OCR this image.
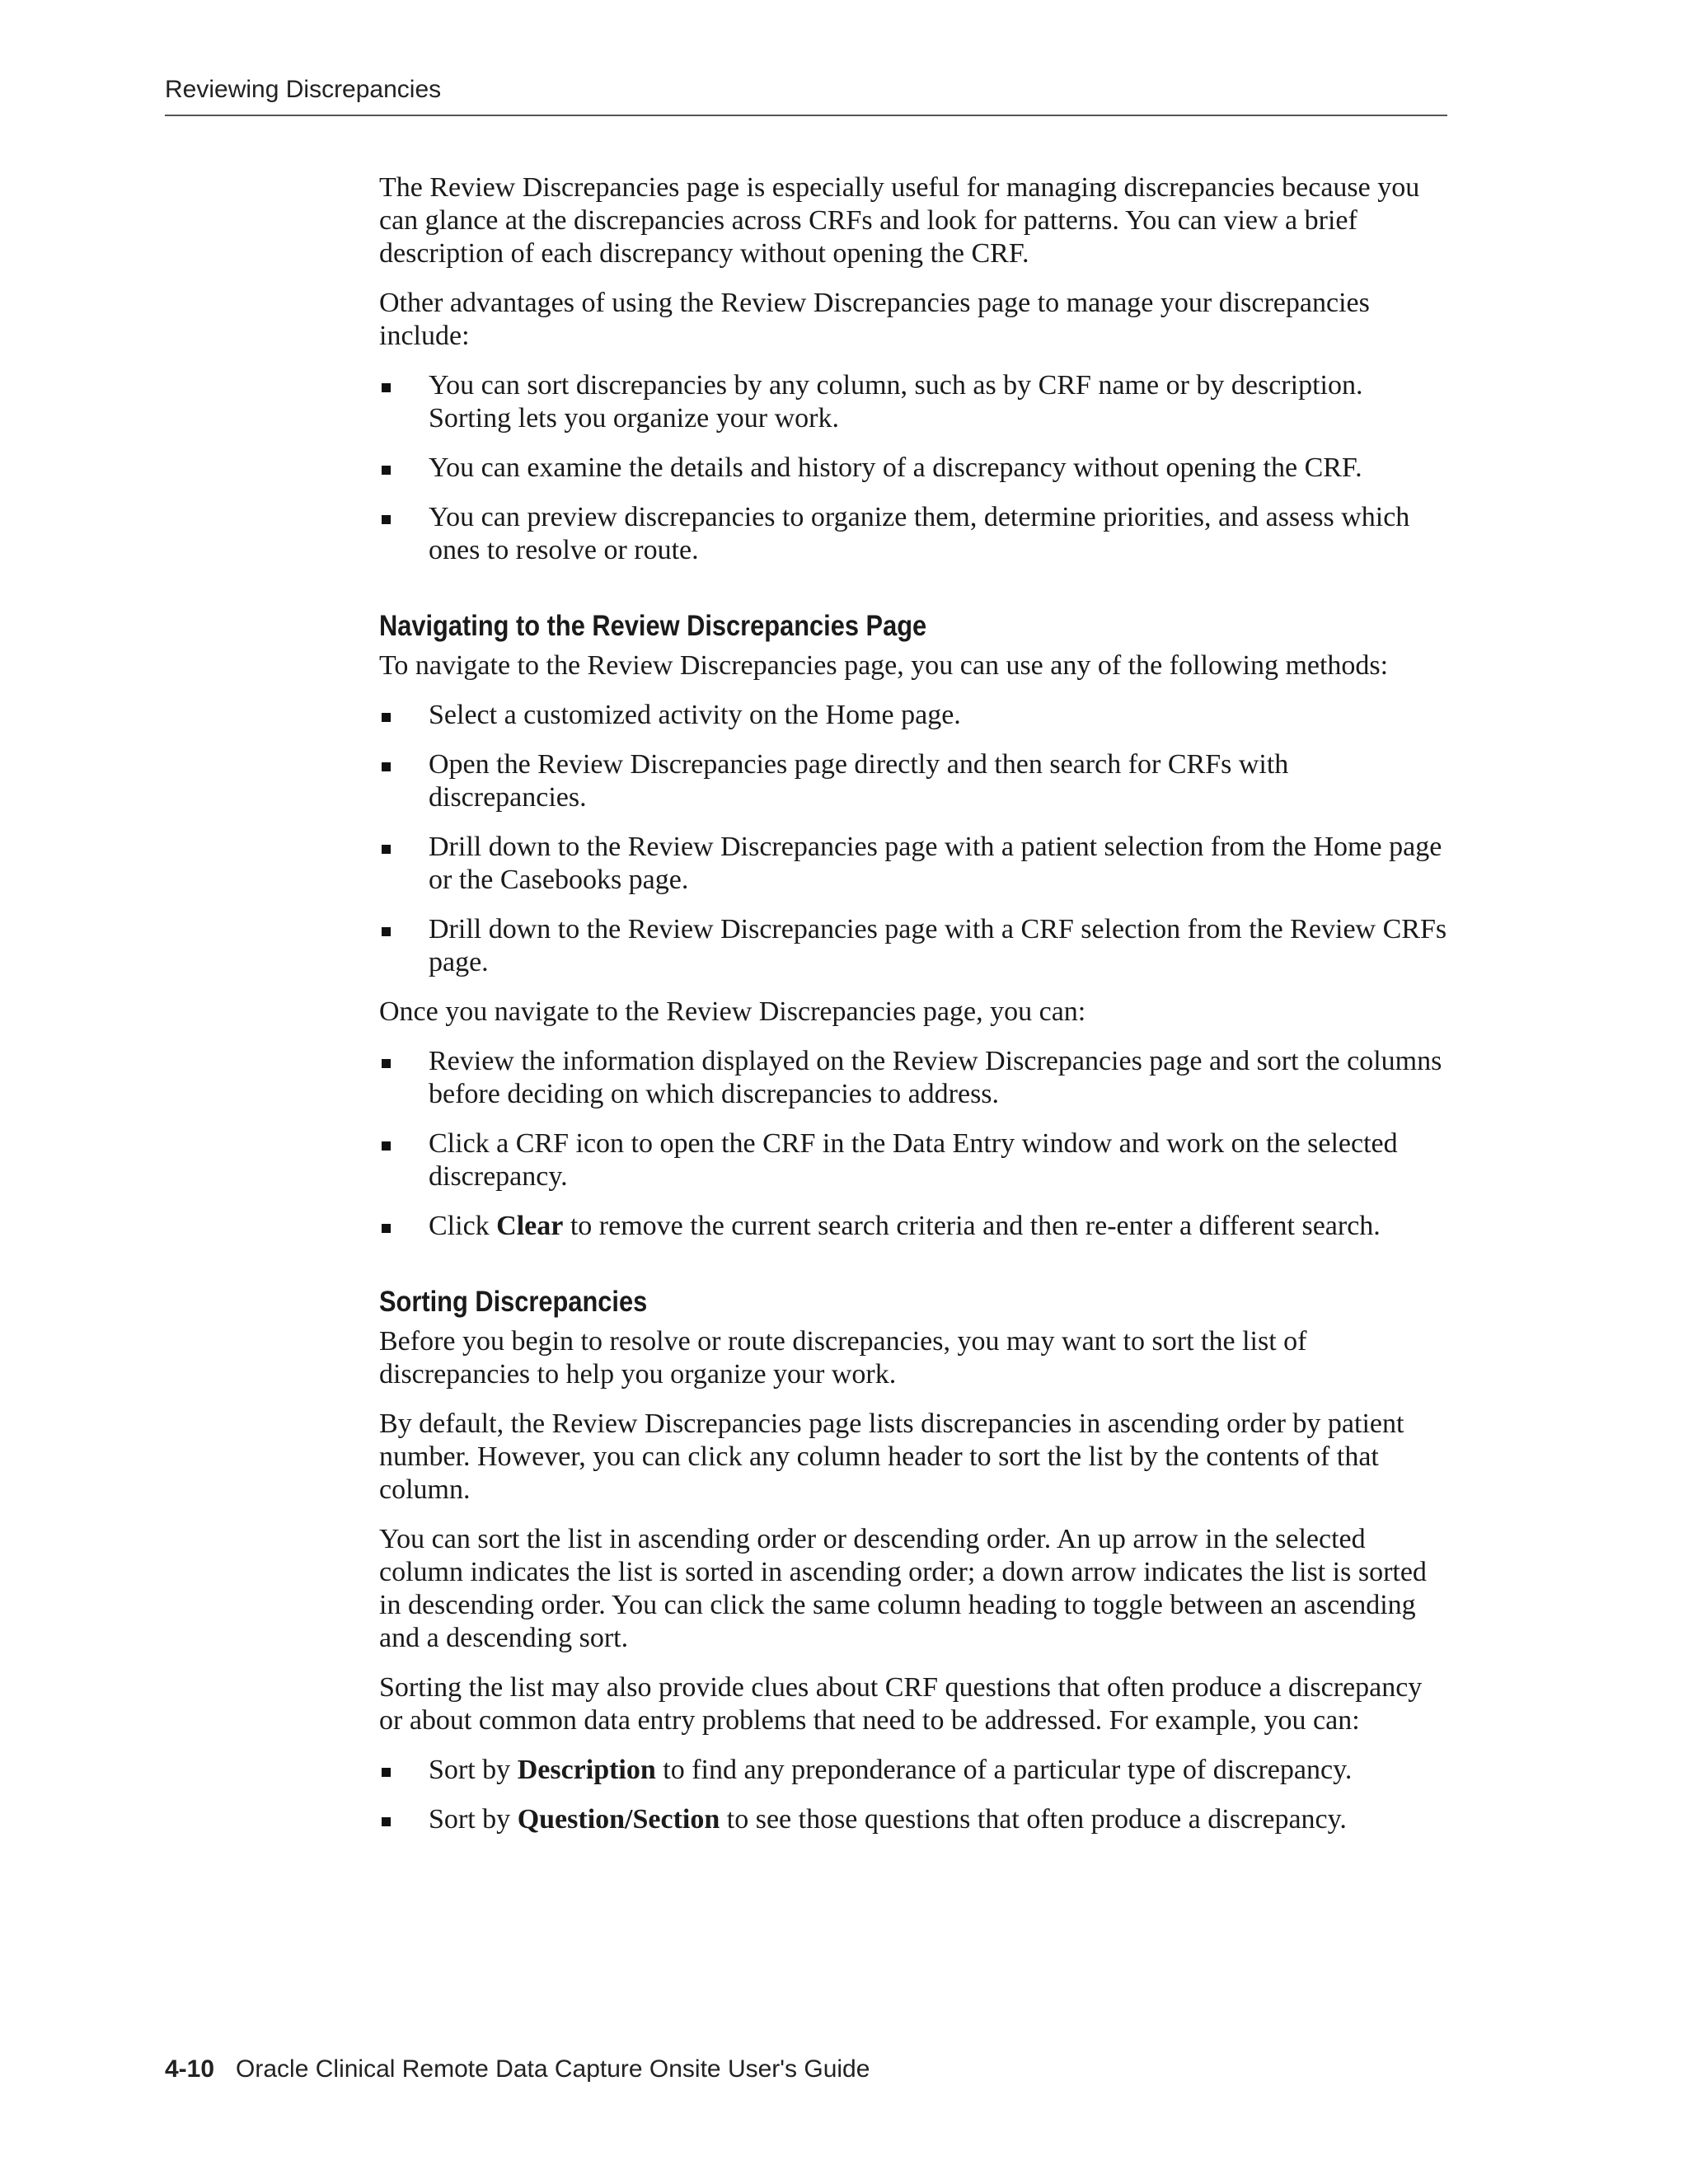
Reviewing Discrepancies

The Review Discrepancies page is especially useful for managing discrepancies because you can glance at the discrepancies across CRFs and look for patterns. You can view a brief description of each discrepancy without opening the CRF.

Other advantages of using the Review Discrepancies page to manage your discrepancies include:

You can sort discrepancies by any column, such as by CRF name or by description. Sorting lets you organize your work.
You can examine the details and history of a discrepancy without opening the CRF.
You can preview discrepancies to organize them, determine priorities, and assess which ones to resolve or route.
Navigating to the Review Discrepancies Page

To navigate to the Review Discrepancies page, you can use any of the following methods:

Select a customized activity on the Home page.
Open the Review Discrepancies page directly and then search for CRFs with discrepancies.
Drill down to the Review Discrepancies page with a patient selection from the Home page or the Casebooks page.
Drill down to the Review Discrepancies page with a CRF selection from the Review CRFs page.

Once you navigate to the Review Discrepancies page, you can:

Review the information displayed on the Review Discrepancies page and sort the columns before deciding on which discrepancies to address.
Click a CRF icon to open the CRF in the Data Entry window and work on the selected discrepancy.
Click Clear to remove the current search criteria and then re-enter a different search.
Sorting Discrepancies

Before you begin to resolve or route discrepancies, you may want to sort the list of discrepancies to help you organize your work.

By default, the Review Discrepancies page lists discrepancies in ascending order by patient number. However, you can click any column header to sort the list by the contents of that column.

You can sort the list in ascending order or descending order. An up arrow in the selected column indicates the list is sorted in ascending order; a down arrow indicates the list is sorted in descending order. You can click the same column heading to toggle between an ascending and a descending sort.

Sorting the list may also provide clues about CRF questions that often produce a discrepancy or about common data entry problems that need to be addressed. For example, you can:

Sort by Description to find any preponderance of a particular type of discrepancy.
Sort by Question/Section to see those questions that often produce a discrepancy.
4-10 Oracle Clinical Remote Data Capture Onsite User's Guide
